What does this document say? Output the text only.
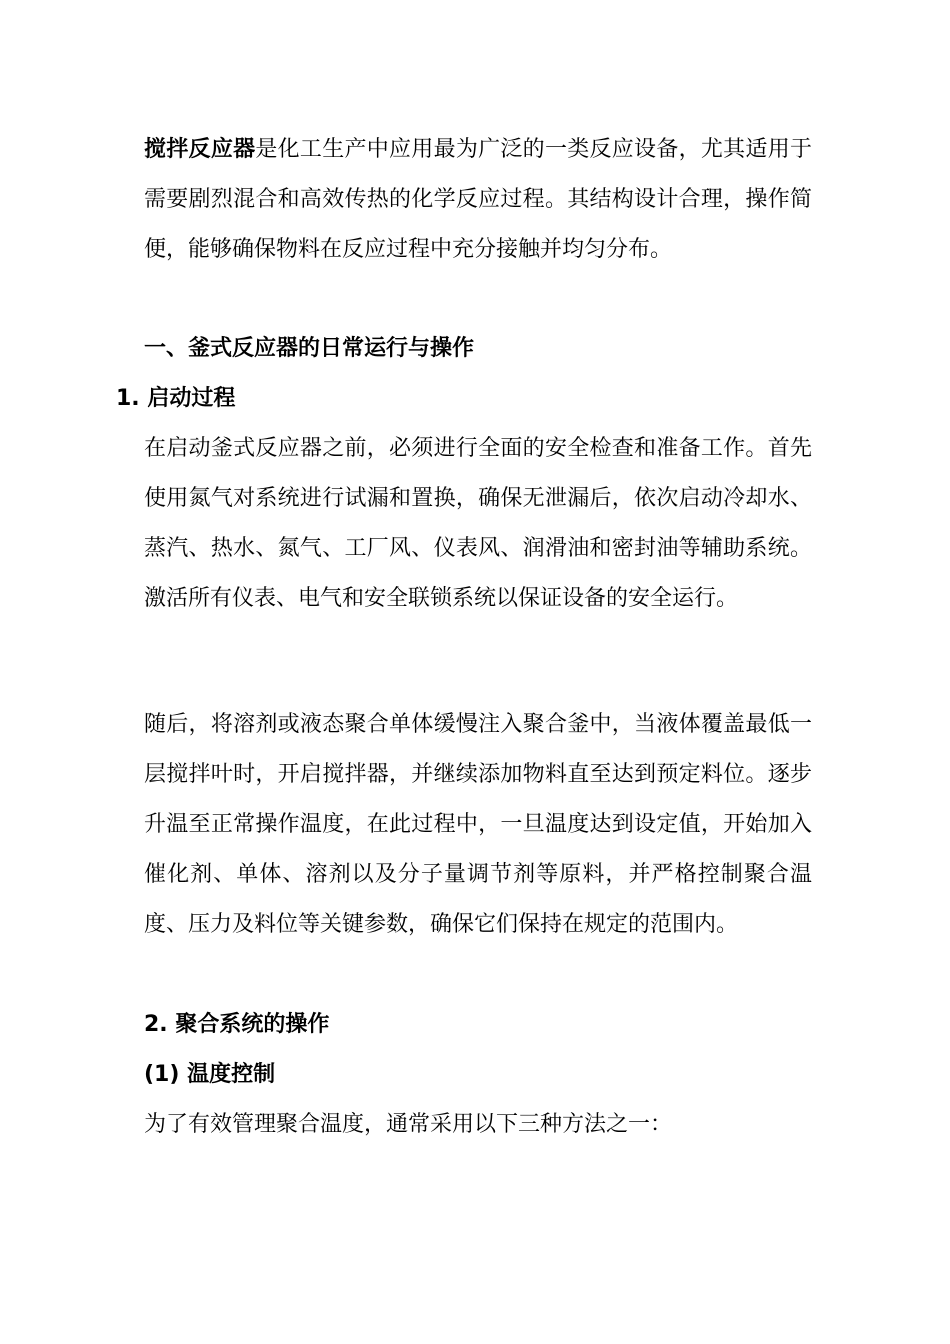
搅拌反应器是化工生产中应用最为广泛的一类反应设备，尤其适用于需要剧烈混合和高效传热的化学反应过程。其结构设计合理，操作简便，能够确保物料在反应过程中充分接触并均匀分布。

一、釜式反应器的日常运行与操作
1. 启动过程

在启动釜式反应器之前，必须进行全面的安全检查和准备工作。首先使用氮气对系统进行试漏和置换，确保无泄漏后，依次启动冷却水、蒸汽、热水、氮气、工厂风、仪表风、润滑油和密封油等辅助系统。激活所有仪表、电气和安全联锁系统以保证设备的安全运行。

随后，将溶剂或液态聚合单体缓慢注入聚合釜中，当液体覆盖最低一层搅拌叶时，开启搅拌器，并继续添加物料直至达到预定料位。逐步升温至正常操作温度，在此过程中，一旦温度达到设定值，开始加入催化剂、单体、溶剂以及分子量调节剂等原料，并严格控制聚合温度、压力及料位等关键参数，确保它们保持在规定的范围内。

2. 聚合系统的操作
(1) 温度控制

为了有效管理聚合温度，通常采用以下三种方法之一：
